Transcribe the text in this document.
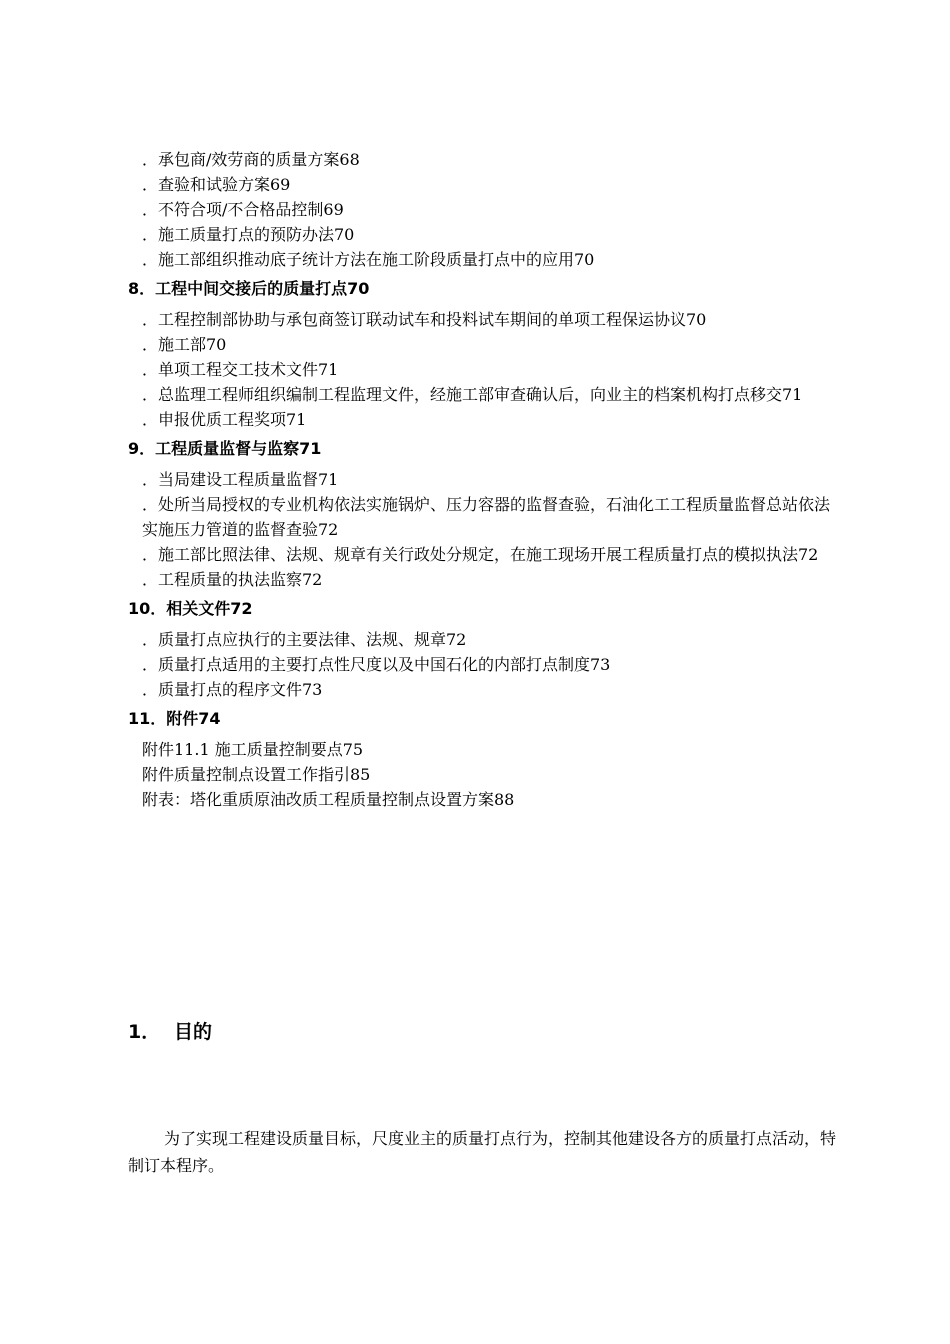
．承包商/效劳商的质量方案68
．查验和试验方案69
．不符合项/不合格品控制69
．施工质量打点的预防办法70
．施工部组织推动底子统计方法在施工阶段质量打点中的应用70
8．工程中间交接后的质量打点70
．工程控制部协助与承包商签订联动试车和投料试车期间的单项工程保运协议70
．施工部70
．单项工程交工技术文件71
．总监理工程师组织编制工程监理文件，经施工部审查确认后，向业主的档案机构打点移交71
．申报优质工程奖项71
9．工程质量监督与监察71
．当局建设工程质量监督71
．处所当局授权的专业机构依法实施锅炉、压力容器的监督查验，石油化工工程质量监督总站依法实施压力管道的监督查验72
．施工部比照法律、法规、规章有关行政处分规定，在施工现场开展工程质量打点的模拟执法72
．工程质量的执法监察72
10．相关文件72
．质量打点应执行的主要法律、法规、规章72
．质量打点适用的主要打点性尺度以及中国石化的内部打点制度73
．质量打点的程序文件73
11．附件74
附件11.1 施工质量控制要点75
附件质量控制点设置工作指引85
附表：塔化重质原油改质工程质量控制点设置方案88
1． 目的
为了实现工程建设质量目标，尺度业主的质量打点行为，控制其他建设各方的质量打点活动，特制订本程序。
